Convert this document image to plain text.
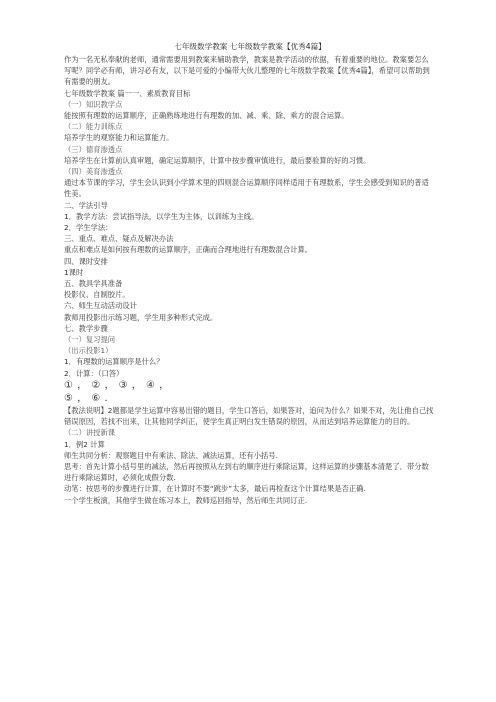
七年级数学教案 七年级数学教案【优秀4篇】

作为一名无私奉献的老师，通常需要用到教案来辅助教学，教案是教学活动的依据，有着重要的地位。教案要怎么写呢？同学必有师，讲习必有友，以下是可爱的小编带大伙儿整理的七年级数学教案【优秀4篇】，希望可以帮助到有需要的朋友。

七年级数学教案 篇一一、素质教育目标

（一）知识教学点

能按照有理数的运算顺序，正确熟练地进行有理数的加、减、乘、除、乘方的混合运算。

（二）能力训练点

培养学生的观察能力和运算能力。

（三）德育渗透点

培养学生在计算前认真审题，确定运算顺序，计算中按步骤审慎进行，最后要验算的好的习惯。

（四）美育渗透点

通过本节课的学习，学生会认识到小学算术里的四则混合运算顺序同样适用于有理数系，学生会感受到知识的普适性美。

二、学法引导

1．教学方法：尝试指导法，以学生为主体，以训练为主线。

2．学生学法：

三、重点、难点、疑点及解决办法

重点和难点是如何按有理数的运算顺序，正确而合理地进行有理数混合计算。

四、课时安排

1课时

五、教具学具准备

投影仪、自制胶片。

六、师生互动活动设计

教师用投影出示练习题，学生用多种形式完成。

七、教学步骤

（一）复习提问

（出示投影1）

1．有理数的运算顺序是什么？

2．计算：（口答）

① ， ② ， ③ ， ④ ，

⑤ ， ⑥ .

【教法说明】2题都是学生运算中容易出错的题目，学生口答后，如果答对，追问为什么？如果不对，先让他自己找错误原因，若找不出来，让其他同学纠正，使学生真正明白发生错误的原因，从而达到培养运算能力的目的。

（二）讲授新课

1．例2 计算

师生共同分析：观察题目中有乘法、除法、减法运算，还有小括号.

思考：首先计算小括号里的减法，然后再按照从左到右的顺序进行乘除运算，这样运算的步骤基本清楚了．带分数进行乘除运算时，必须化成假分数.

动笔：按思考的步骤进行计算，在计算时不要“跳步”太多，最后再检查这个计算结果是否正确.

一个学生板演，其他学生做在练习本上，教师巡回指导，然后师生共同订正.
